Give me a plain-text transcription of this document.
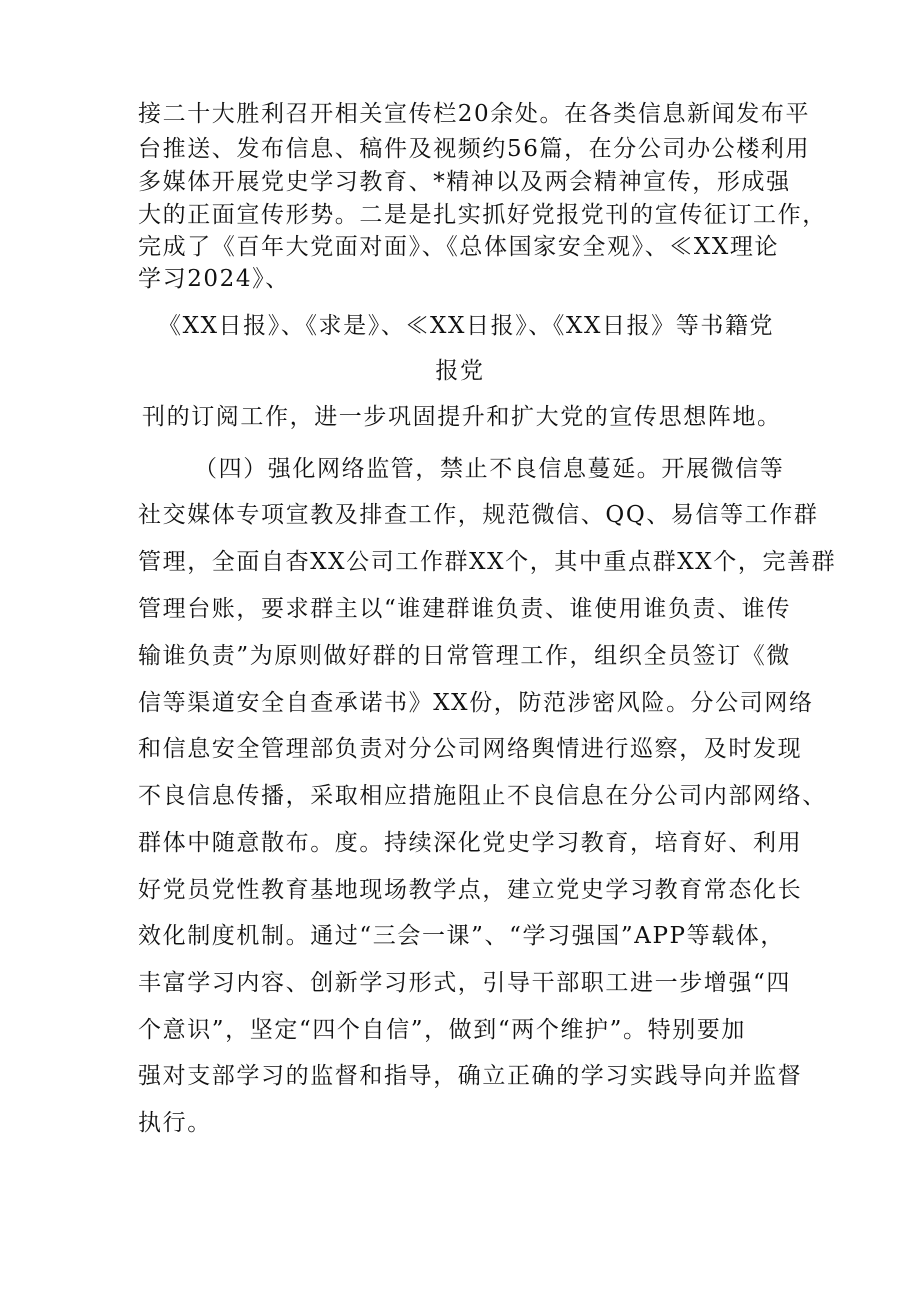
接二十大胜利召开相关宣传栏20余处。在各类信息新闻发布平
台推送、发布信息、稿件及视频约56篇，在分公司办公楼利用
多媒体开展党史学习教育、*精神以及两会精神宣传，形成强
大的正面宣传形势。二是是扎实抓好党报党刊的宣传征订工作，
完成了《百年大党面对面》、《总体国家安全观》、≪XX理论
学习2024》、
《XX日报》、《求是》、≪XX日报》、《XX日报》等书籍党
报党
刊的订阅工作，进一步巩固提升和扩大党的宣传思想阵地。
（四）强化网络监管，禁止不良信息蔓延。开展微信等
社交媒体专项宣教及排查工作，规范微信、QQ、易信等工作群
管理，全面自杳XX公司工作群XX个，其中重点群XX个，完善群
管理台账，要求群主以“谁建群谁负责、谁使用谁负责、谁传
输谁负责”为原则做好群的日常管理工作，组织全员签订《微
信等渠道安全自查承诺书》XX份，防范涉密风险。分公司网络
和信息安全管理部负责对分公司网络舆情进行巡察，及时发现
不良信息传播，采取相应措施阻止不良信息在分公司内部网络、
群体中随意散布。度。持续深化党史学习教育，培育好、利用
好党员党性教育基地现场教学点，建立党史学习教育常态化长
效化制度机制。通过“三会一课”、“学习强国”APP等载体，
丰富学习内容、创新学习形式，引导干部职工进一步增强“四
个意识”，坚定“四个自信”，做到“两个维护”。特别要加
强对支部学习的监督和指导，确立正确的学习实践导向并监督
执行。
